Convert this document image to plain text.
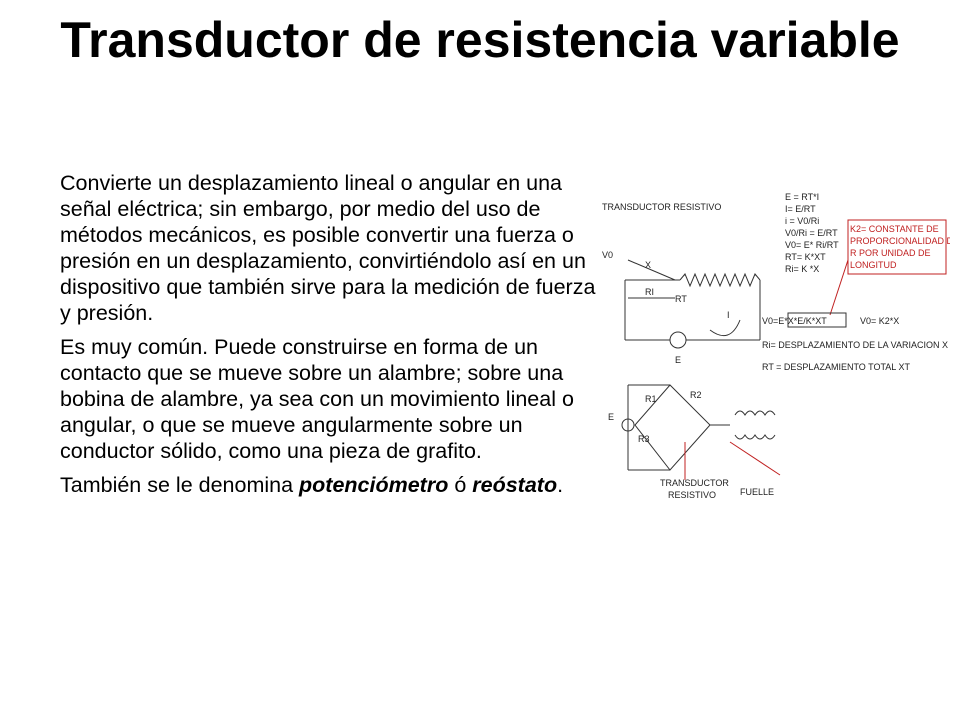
Transductor de resistencia variable

Convierte un desplazamiento lineal o angular en una señal eléctrica; sin embargo, por medio del uso de métodos mecánicos, es posible convertir una fuerza o presión en un desplazamiento, convirtiéndolo así en un dispositivo que también sirve para la medición de fuerza y presión.

Es muy común. Puede construirse en forma de un contacto que se mueve sobre un alambre; sobre una bobina de alambre, ya sea con un movimiento lineal o angular, o que se mueve angularmente sobre un conductor sólido, como una pieza de grafito.

También se le denomina potenciómetro ó reóstato.

TRANSDUCTOR RESISTIVO
V0
X
RI
RT
I
E
E = RT*I
I= E/RT
i = V0/Ri
V0/Ri = E/RT
V0= E* Ri/RT
RT= K*XT
Ri= K *X
K2= CONSTANTE DE
PROPORCIONALIDAD DE
R POR UNIDAD DE
LONGITUD
V0=E*X*E/K*XT	V0= K2*X
Ri= DESPLAZAMIENTO DE LA VARIACION X
RT = DESPLAZAMIENTO TOTAL XT
E
R1	R2
R3
TRANSDUCTOR
RESISTIVO	FUELLE
